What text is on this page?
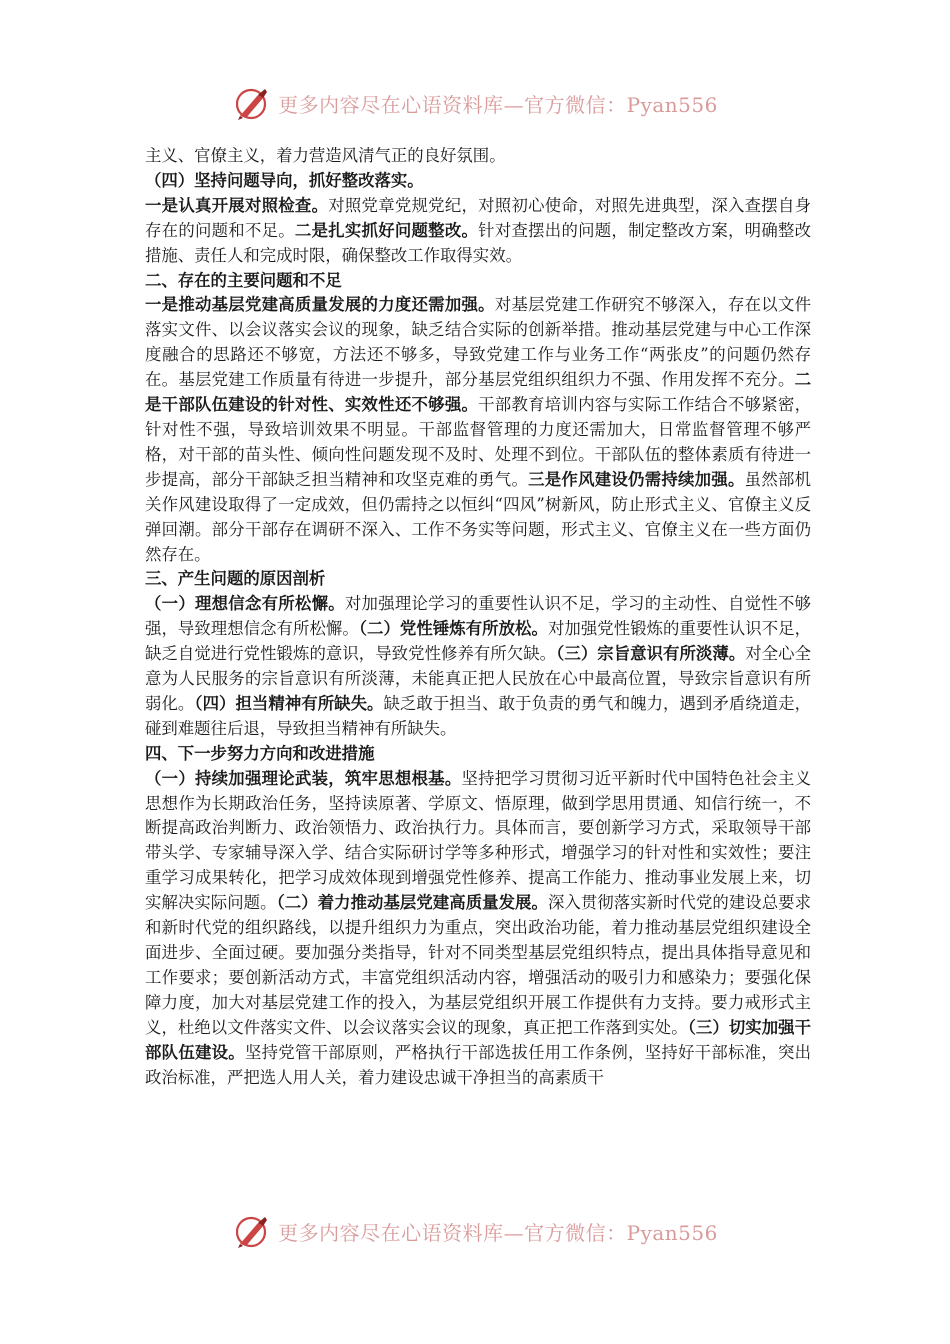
更多内容尽在心语资料库—官方微信：Pyan556

主义、官僚主义，着力营造风清气正的良好氛围。

（四）坚持问题导向，抓好整改落实。

一是认真开展对照检查。对照党章党规党纪，对照初心使命，对照先进典型，深入查摆自身存在的问题和不足。二是扎实抓好问题整改。针对查摆出的问题，制定整改方案，明确整改措施、责任人和完成时限，确保整改工作取得实效。

二、存在的主要问题和不足

一是推动基层党建高质量发展的力度还需加强。对基层党建工作研究不够深入，存在以文件落实文件、以会议落实会议的现象，缺乏结合实际的创新举措。推动基层党建与中心工作深度融合的思路还不够宽，方法还不够多，导致党建工作与业务工作“两张皮”的问题仍然存在。基层党建工作质量有待进一步提升，部分基层党组织组织力不强、作用发挥不充分。二是干部队伍建设的针对性、实效性还不够强。干部教育培训内容与实际工作结合不够紧密，针对性不强，导致培训效果不明显。干部监督管理的力度还需加大，日常监督管理不够严格，对干部的苗头性、倾向性问题发现不及时、处理不到位。干部队伍的整体素质有待进一步提高，部分干部缺乏担当精神和攻坚克难的勇气。三是作风建设仍需持续加强。虽然部机关作风建设取得了一定成效，但仍需持之以恒纠“四风”树新风，防止形式主义、官僚主义反弹回潮。部分干部存在调研不深入、工作不务实等问题，形式主义、官僚主义在一些方面仍然存在。

三、产生问题的原因剖析

（一）理想信念有所松懈。对加强理论学习的重要性认识不足，学习的主动性、自觉性不够强，导致理想信念有所松懈。（二）党性锤炼有所放松。对加强党性锻炼的重要性认识不足，缺乏自觉进行党性锻炼的意识，导致党性修养有所欠缺。（三）宗旨意识有所淡薄。对全心全意为人民服务的宗旨意识有所淡薄，未能真正把人民放在心中最高位置，导致宗旨意识有所弱化。（四）担当精神有所缺失。缺乏敢于担当、敢于负责的勇气和魄力，遇到矛盾绕道走，碰到难题往后退，导致担当精神有所缺失。

四、下一步努力方向和改进措施

（一）持续加强理论武装，筑牢思想根基。坚持把学习贯彻习近平新时代中国特色社会主义思想作为长期政治任务，坚持读原著、学原文、悟原理，做到学思用贯通、知信行统一，不断提高政治判断力、政治领悟力、政治执行力。具体而言，要创新学习方式，采取领导干部带头学、专家辅导深入学、结合实际研讨学等多种形式，增强学习的针对性和实效性；要注重学习成果转化，把学习成效体现到增强党性修养、提高工作能力、推动事业发展上来，切实解决实际问题。（二）着力推动基层党建高质量发展。深入贯彻落实新时代党的建设总要求和新时代党的组织路线，以提升组织力为重点，突出政治功能，着力推动基层党组织建设全面进步、全面过硬。要加强分类指导，针对不同类型基层党组织特点，提出具体指导意见和工作要求；要创新活动方式，丰富党组织活动内容，增强活动的吸引力和感染力；要强化保障力度，加大对基层党建工作的投入，为基层党组织开展工作提供有力支持。要力戒形式主义，杜绝以文件落实文件、以会议落实会议的现象，真正把工作落到实处。（三）切实加强干部队伍建设。坚持党管干部原则，严格执行干部选拔任用工作条例，坚持好干部标准，突出政治标准，严把选人用人关，着力建设忠诚干净担当的高素质干

更多内容尽在心语资料库—官方微信：Pyan556
